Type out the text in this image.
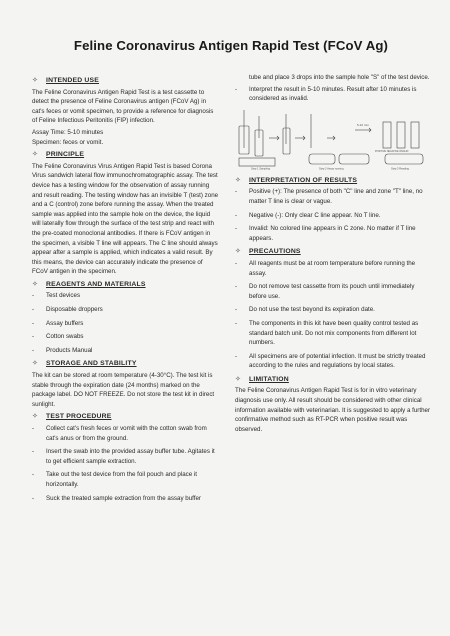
Feline Coronavirus Antigen Rapid Test (FCoV Ag)
✧	INTENDED USE

The Feline Coronavirus Antigen Rapid Test is a test cassette to detect the presence of Feline Coronavirus antigen (FCoV Ag) in cat's feces or vomit specimen, to provide a reference for diagnosis of Feline Infectious Peritonitis (FIP) infection.

Assay Time: 5-10 minutes

Specimen: feces or vomit.

✧	PRINCIPLE

The Feline Coronavirus Virus Antigen Rapid Test is based Corona Virus sandwich lateral flow immunochromatographic assay. The test device has a testing window for the observation of assay running and result reading. The testing window has an invisible T (test) zone and a C (control) zone before running the assay. When the treated sample was applied into the sample hole on the device, the liquid will laterally flow through the surface of the test strip and react with the pre-coated monoclonal antibodies. If there is FCoV antigen in the specimen, a visible T line will appears. The C line should always appear after a sample is applied, which indicates a valid result. By this means, the device can accurately indicate the presence of FCoV antigen in the specimen.

✧	REAGENTS AND MATERIALS
-	Test devices
-	Disposable droppers
-	Assay buffers
-	Cotton swabs
-	Products Manual
✧	STORAGE AND STABILITY

The kit can be stored at room temperature (4-30°C). The test kit is stable through the expiration date (24 months) marked on the package label. DO NOT FREEZE. Do not store the test kit in direct sunlight.

✧	TEST PROCEDURE
-	Collect cat's fresh feces or vomit with the cotton swab from cat's anus or from the ground.
-	Insert the swab into the provided assay buffer tube. Agitates it to get efficient sample extraction.
-	Take out the test device from the foil pouch and place it horizontally.
-	Suck the treated sample extraction from the assay buffer

tube and place 3 drops into the sample hole "S" of the test device.

-	Interpret the result in 5-10 minutes. Result after 10 minutes is considered as invalid.
5-10 min
POSITIVE NEGATIVE INVALID
Step 1 Sampling	Step 2 Assay running	Step 3 Reading
✧	INTERPRETATION OF RESULTS
-	Positive (+): The presence of both "C" line and zone "T" line, no matter T line is clear or vague.
-	Negative (-): Only clear C line appear. No T line.
-	Invalid: No colored line appears in C zone. No matter if T line appears.
✧	PRECAUTIONS
-	All reagents must be at room temperature before running the assay.
-	Do not remove test cassette from its pouch until immediately before use.
-	Do not use the test beyond its expiration date.
-	The components in this kit have been quality control tested as standard batch unit. Do not mix components from different lot numbers.
-	All specimens are of potential infection. It must be strictly treated according to the rules and regulations by local states.
✧	LIMITATION

The Feline Coronavirus Antigen Rapid Test is for in vitro veterinary diagnosis use only. All result should be considered with other clinical information available with veterinarian. It is suggested to apply a further confirmative method such as RT-PCR when positive result was observed.
